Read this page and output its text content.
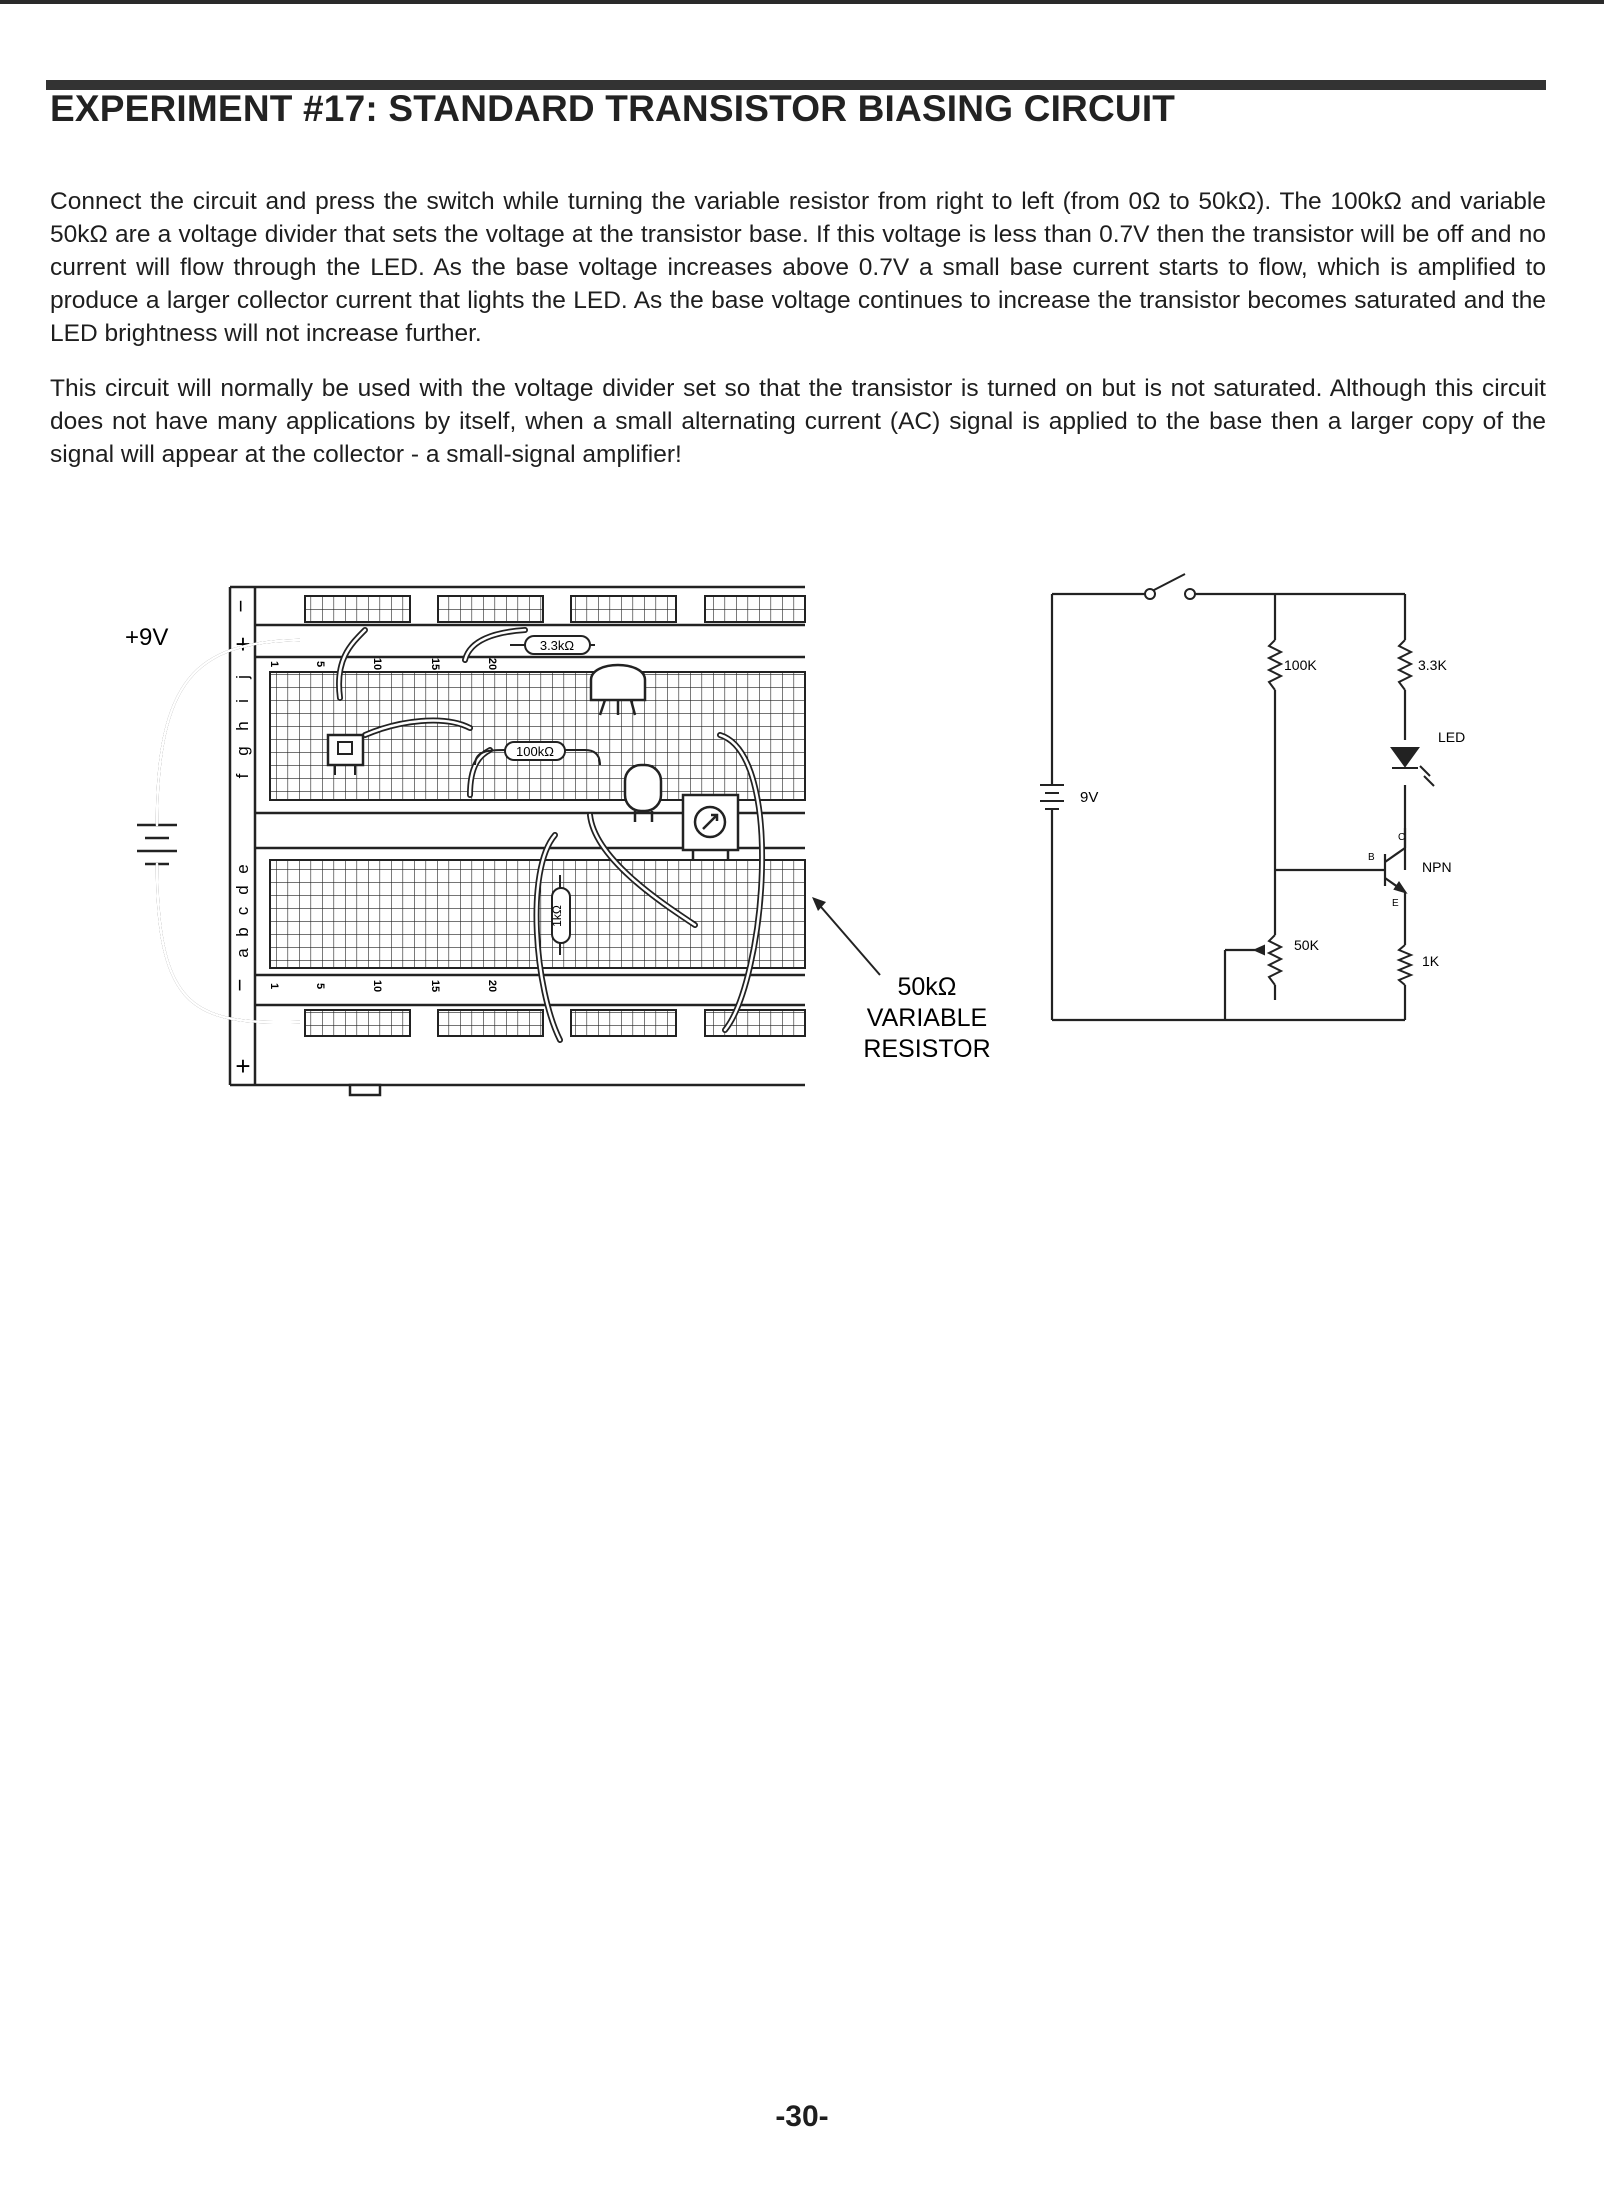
EXPERIMENT #17: STANDARD TRANSISTOR BIASING CIRCUIT

Connect the circuit and press the switch while turning the variable resistor from right to left (from 0Ω to 50kΩ). The 100kΩ and variable 50kΩ are a voltage divider that sets the voltage at the transistor base. If this voltage is less than 0.7V then the transistor will be off and no current will flow through the LED. As the base voltage increases above 0.7V a small base current starts to flow, which is amplified to produce a larger collector current that lights the LED. As the base voltage continues to increase the transistor becomes saturated and the LED brightness will not increase further.

This circuit will normally be used with the voltage divider set so that the transistor is turned on but is not saturated. Although this circuit does not have many applications by itself, when a small alternating current (AC) signal is applied to the base then a larger copy of the signal will appear at the collector - a small-signal amplifier!

−
+
−
+
j
i
h
g
f
e
d
c
b
a
1	5	10	15	20
1	5	10	15	20
+9V	3.3kΩ
100kΩ
1kΩ
50kΩ
VARIABLE
RESISTOR
100K	3.3K
LED
9V
NPN
B
C
E
50K
1K
-30-
